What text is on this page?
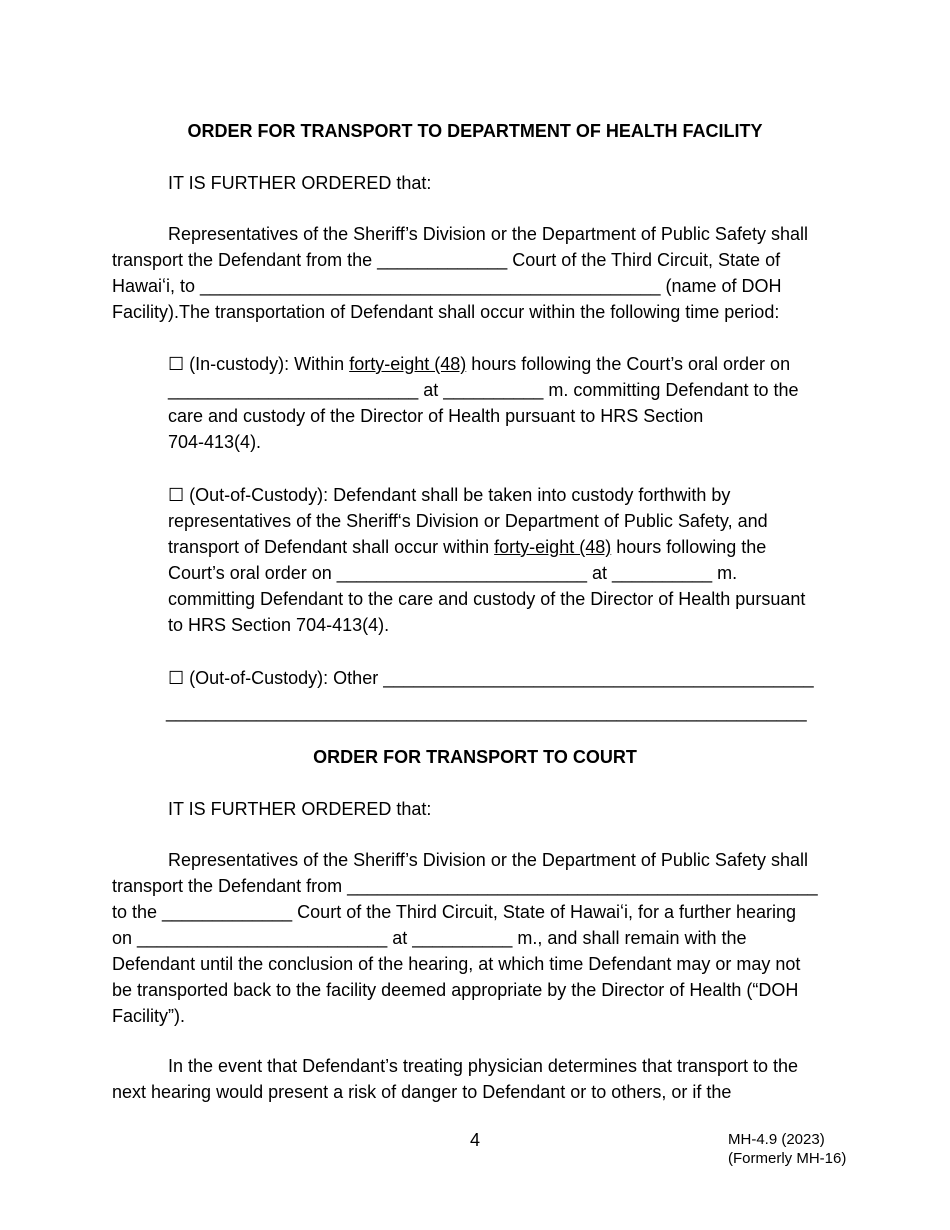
ORDER FOR TRANSPORT TO DEPARTMENT OF HEALTH FACILITY
IT IS FURTHER ORDERED that:
Representatives of the Sheriff’s Division or the Department of Public Safety shall
transport the Defendant from the _____________ Court of the Third Circuit, State of
Hawaiʻi, to ______________________________________________ (name of DOH
Facility).The transportation of Defendant shall occur within the following time period:
☐ (In-custody): Within forty-eight (48) hours following the Court’s oral order on
_________________________ at __________ m. committing Defendant to the
care and custody of the Director of Health pursuant to HRS Section
704-413(4).
☐ (Out-of-Custody): Defendant shall be taken into custody forthwith by
representatives of the Sheriff‘s Division or Department of Public Safety, and
transport of Defendant shall occur within forty-eight (48) hours following the
Court’s oral order on _________________________ at __________ m.
committing Defendant to the care and custody of the Director of Health pursuant
to HRS Section 704-413(4).
☐ (Out-of-Custody): Other ___________________________________________
________________________________________________________________
ORDER FOR TRANSPORT TO COURT
IT IS FURTHER ORDERED that:
Representatives of the Sheriff’s Division or the Department of Public Safety shall
transport the Defendant from _______________________________________________
to the _____________ Court of the Third Circuit, State of Hawaiʻi, for a further hearing
on _________________________ at __________ m., and shall remain with the
Defendant until the conclusion of the hearing, at which time Defendant may or may not
be transported back to the facility deemed appropriate by the Director of Health (“DOH
Facility”).
In the event that Defendant’s treating physician determines that transport to the
next hearing would present a risk of danger to Defendant or to others, or if the
4	MH-4.9 (2023)
(Formerly MH-16)
